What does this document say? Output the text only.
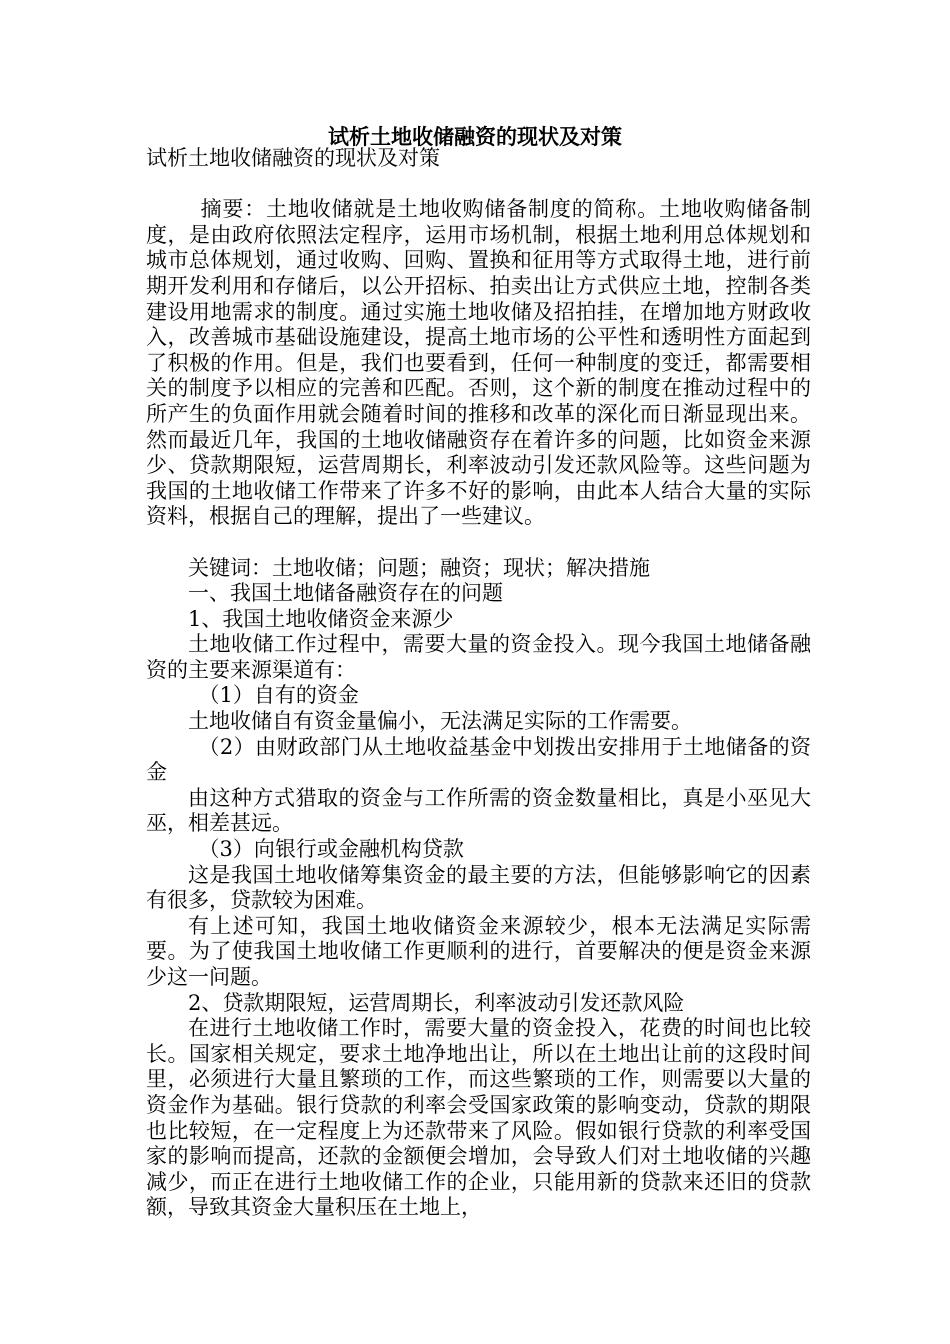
试析土地收储融资的现状及对策

试析土地收储融资的现状及对策

摘要：土地收储就是土地收购储备制度的简称。土地收购储备制度，是由政府依照法定程序，运用市场机制，根据土地利用总体规划和城市总体规划，通过收购、回购、置换和征用等方式取得土地，进行前期开发利用和存储后，以公开招标、拍卖出让方式供应土地，控制各类建设用地需求的制度。通过实施土地收储及招拍挂，在增加地方财政收入，改善城市基础设施建设，提高土地市场的公平性和透明性方面起到了积极的作用。但是，我们也要看到，任何一种制度的变迁，都需要相关的制度予以相应的完善和匹配。否则，这个新的制度在推动过程中的所产生的负面作用就会随着时间的推移和改革的深化而日渐显现出来。然而最近几年，我国的土地收储融资存在着许多的问题，比如资金来源少、贷款期限短，运营周期长，利率波动引发还款风险等。这些问题为我国的土地收储工作带来了许多不好的影响，由此本人结合大量的实际资料，根据自己的理解，提出了一些建议。

关键词：土地收储；问题；融资；现状；解决措施

一、我国土地储备融资存在的问题

1、我国土地收储资金来源少

土地收储工作过程中，需要大量的资金投入。现今我国土地储备融资的主要来源渠道有：

（1）自有的资金

土地收储自有资金量偏小，无法满足实际的工作需要。

（2）由财政部门从土地收益基金中划拨出安排用于土地储备的资金

由这种方式猎取的资金与工作所需的资金数量相比，真是小巫见大巫，相差甚远。

（3）向银行或金融机构贷款

这是我国土地收储筹集资金的最主要的方法，但能够影响它的因素有很多，贷款较为困难。

有上述可知，我国土地收储资金来源较少，根本无法满足实际需要。为了使我国土地收储工作更顺利的进行，首要解决的便是资金来源少这一问题。

2、贷款期限短，运营周期长，利率波动引发还款风险

在进行土地收储工作时，需要大量的资金投入，花费的时间也比较长。国家相关规定，要求土地净地出让，所以在土地出让前的这段时间里，必须进行大量且繁琐的工作，而这些繁琐的工作，则需要以大量的资金作为基础。银行贷款的利率会受国家政策的影响变动，贷款的期限也比较短，在一定程度上为还款带来了风险。假如银行贷款的利率受国家的影响而提高，还款的金额便会增加，会导致人们对土地收储的兴趣减少，而正在进行土地收储工作的企业，只能用新的贷款来还旧的贷款额，导致其资金大量积压在土地上，
